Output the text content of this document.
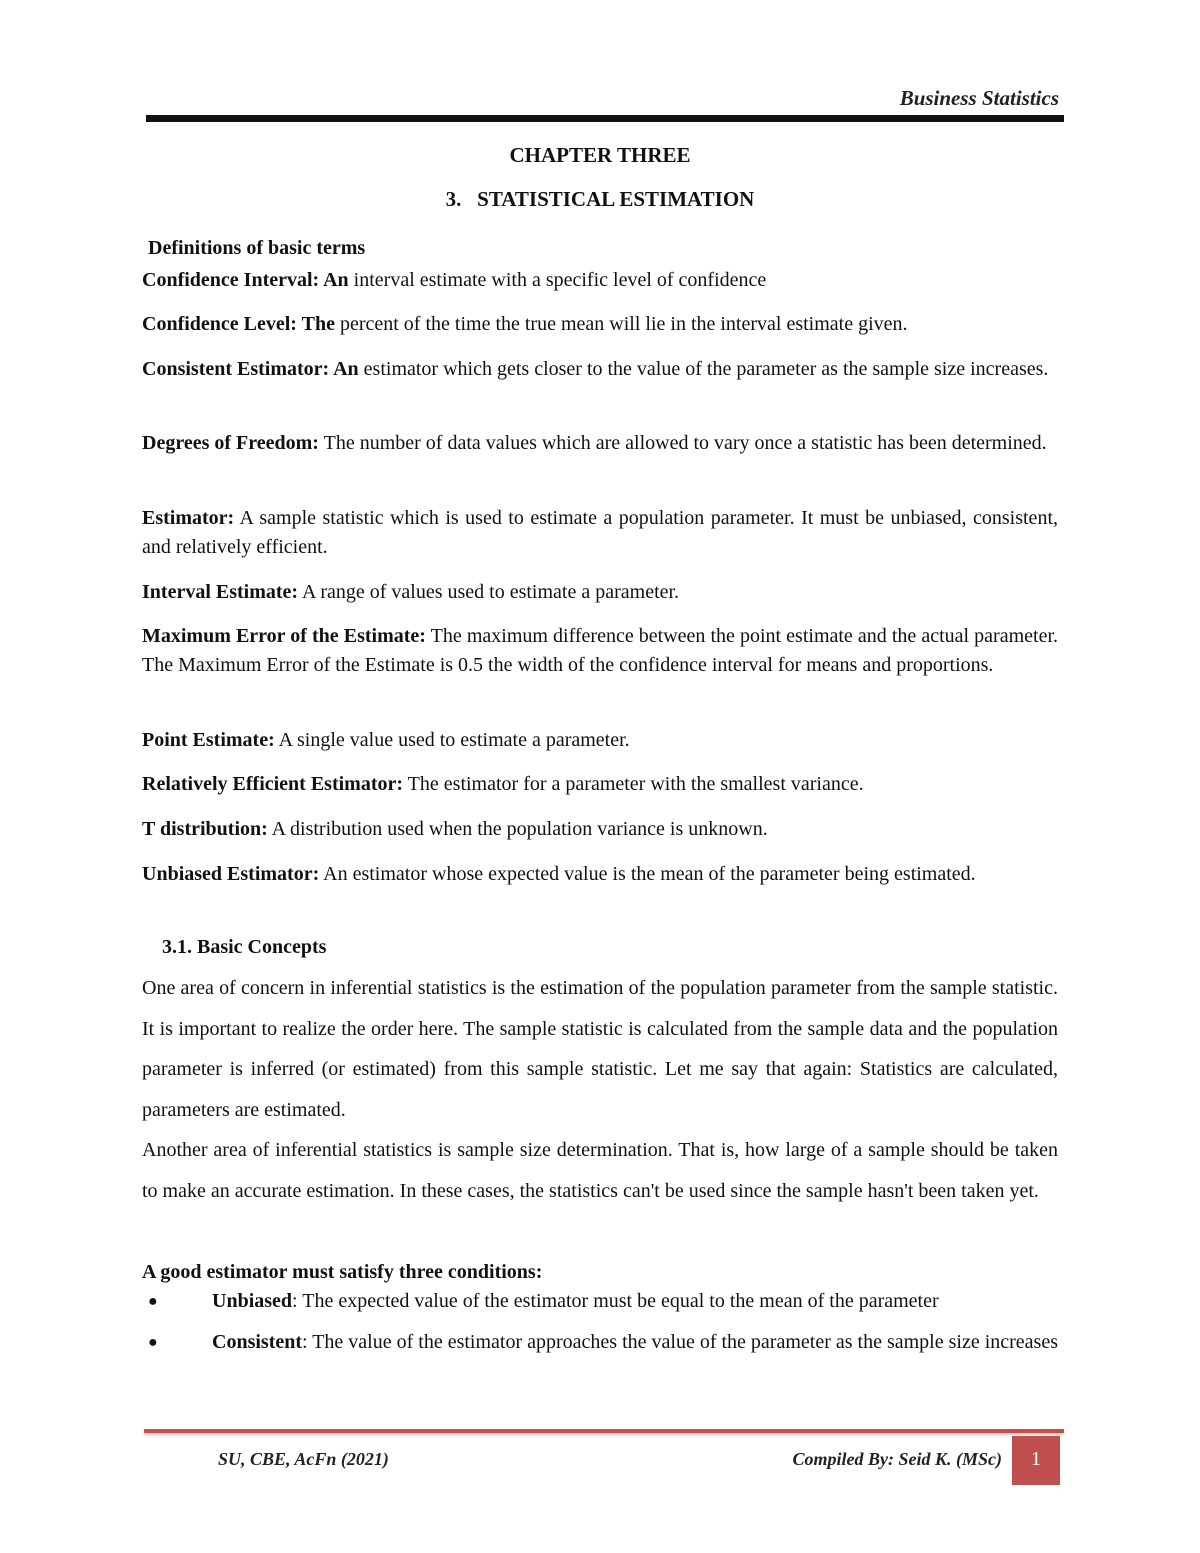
Business Statistics
CHAPTER THREE
3.   STATISTICAL ESTIMATION
Definitions of basic terms
Confidence Interval: An interval estimate with a specific level of confidence
Confidence Level: The percent of the time the true mean will lie in the interval estimate given.
Consistent Estimator: An estimator which gets closer to the value of the parameter as the sample size increases.
Degrees of Freedom: The number of data values which are allowed to vary once a statistic has been determined.
Estimator: A sample statistic which is used to estimate a population parameter. It must be unbiased, consistent, and relatively efficient.
Interval Estimate: A range of values used to estimate a parameter.
Maximum Error of the Estimate: The maximum difference between the point estimate and the actual parameter. The Maximum Error of the Estimate is 0.5 the width of the confidence interval for means and proportions.
Point Estimate: A single value used to estimate a parameter.
Relatively Efficient Estimator: The estimator for a parameter with the smallest variance.
T distribution: A distribution used when the population variance is unknown.
Unbiased Estimator: An estimator whose expected value is the mean of the parameter being estimated.
3.1. Basic Concepts
One area of concern in inferential statistics is the estimation of the population parameter from the sample statistic. It is important to realize the order here. The sample statistic is calculated from the sample data and the population parameter is inferred (or estimated) from this sample statistic. Let me say that again: Statistics are calculated, parameters are estimated.
Another area of inferential statistics is sample size determination. That is, how large of a sample should be taken to make an accurate estimation. In these cases, the statistics can't be used since the sample hasn't been taken yet.
A good estimator must satisfy three conditions:
●	Unbiased: The expected value of the estimator must be equal to the mean of the parameter
●	Consistent: The value of the estimator approaches the value of the parameter as the sample size increases
SU, CBE, AcFn (2021)	Compiled By: Seid K. (MSc)	1
